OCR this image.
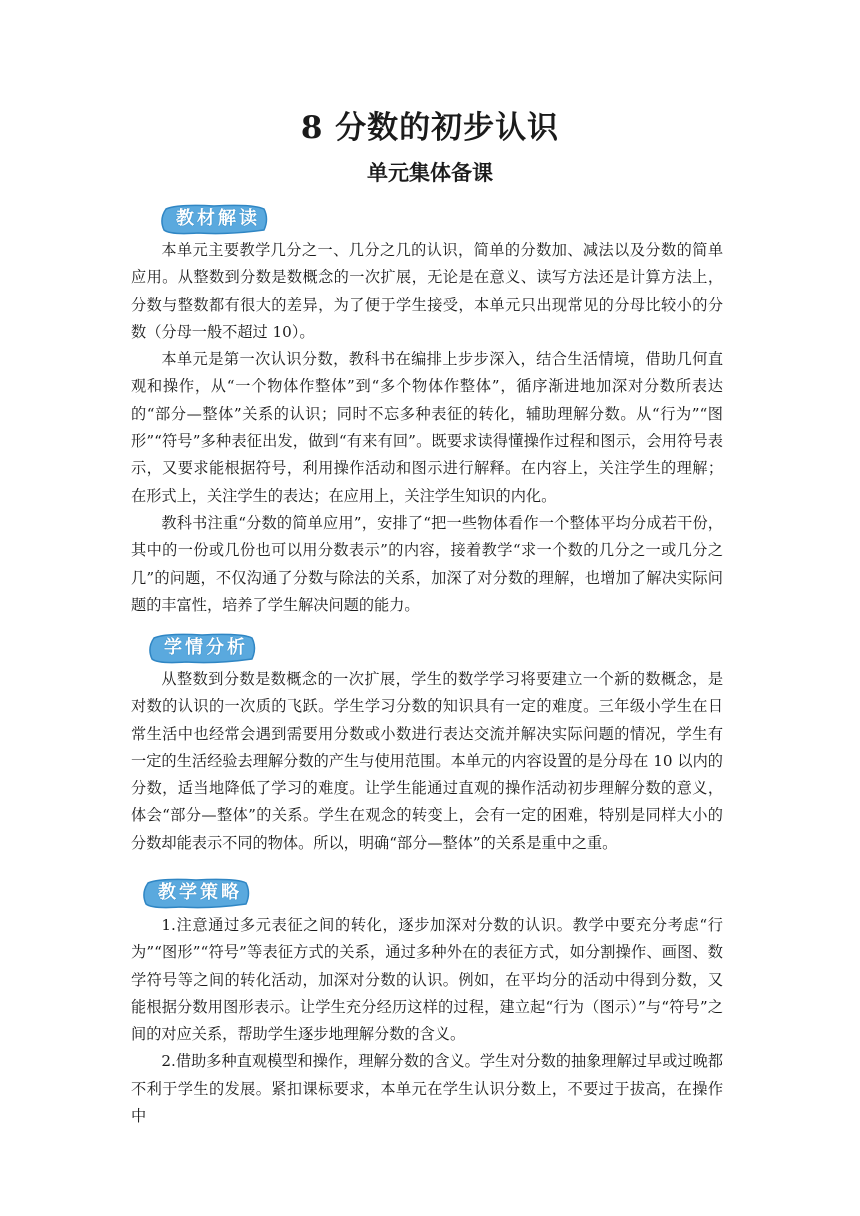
8 分数的初步认识
单元集体备课
教材解读

本单元主要教学几分之一、几分之几的认识，简单的分数加、减法以及分数的简单应用。从整数到分数是数概念的一次扩展，无论是在意义、读写方法还是计算方法上，分数与整数都有很大的差异，为了便于学生接受，本单元只出现常见的分母比较小的分数（分母一般不超过 10）。

本单元是第一次认识分数，教科书在编排上步步深入，结合生活情境，借助几何直观和操作，从“一个物体作整体”到“多个物体作整体”，循序渐进地加深对分数所表达的“部分—整体”关系的认识；同时不忘多种表征的转化，辅助理解分数。从“行为”“图形”“符号”多种表征出发，做到“有来有回”。既要求读得懂操作过程和图示，会用符号表示，又要求能根据符号，利用操作活动和图示进行解释。在内容上，关注学生的理解；在形式上，关注学生的表达；在应用上，关注学生知识的内化。

教科书注重“分数的简单应用”，安排了“把一些物体看作一个整体平均分成若干份，其中的一份或几份也可以用分数表示”的内容，接着教学“求一个数的几分之一或几分之几”的问题，不仅沟通了分数与除法的关系，加深了对分数的理解，也增加了解决实际问题的丰富性，培养了学生解决问题的能力。

学情分析

从整数到分数是数概念的一次扩展，学生的数学学习将要建立一个新的数概念，是对数的认识的一次质的飞跃。学生学习分数的知识具有一定的难度。三年级小学生在日常生活中也经常会遇到需要用分数或小数进行表达交流并解决实际问题的情况，学生有一定的生活经验去理解分数的产生与使用范围。本单元的内容设置的是分母在 10 以内的分数，适当地降低了学习的难度。让学生能通过直观的操作活动初步理解分数的意义，体会“部分—整体”的关系。学生在观念的转变上，会有一定的困难，特别是同样大小的分数却能表示不同的物体。所以，明确“部分—整体”的关系是重中之重。

教学策略

1.注意通过多元表征之间的转化，逐步加深对分数的认识。教学中要充分考虑“行为”“图形”“符号”等表征方式的关系，通过多种外在的表征方式，如分割操作、画图、数学符号等之间的转化活动，加深对分数的认识。例如，在平均分的活动中得到分数，又能根据分数用图形表示。让学生充分经历这样的过程，建立起“行为（图示）”与“符号”之间的对应关系，帮助学生逐步地理解分数的含义。

2.借助多种直观模型和操作，理解分数的含义。学生对分数的抽象理解过早或过晚都不利于学生的发展。紧扣课标要求，本单元在学生认识分数上，不要过于拔高，在操作中
